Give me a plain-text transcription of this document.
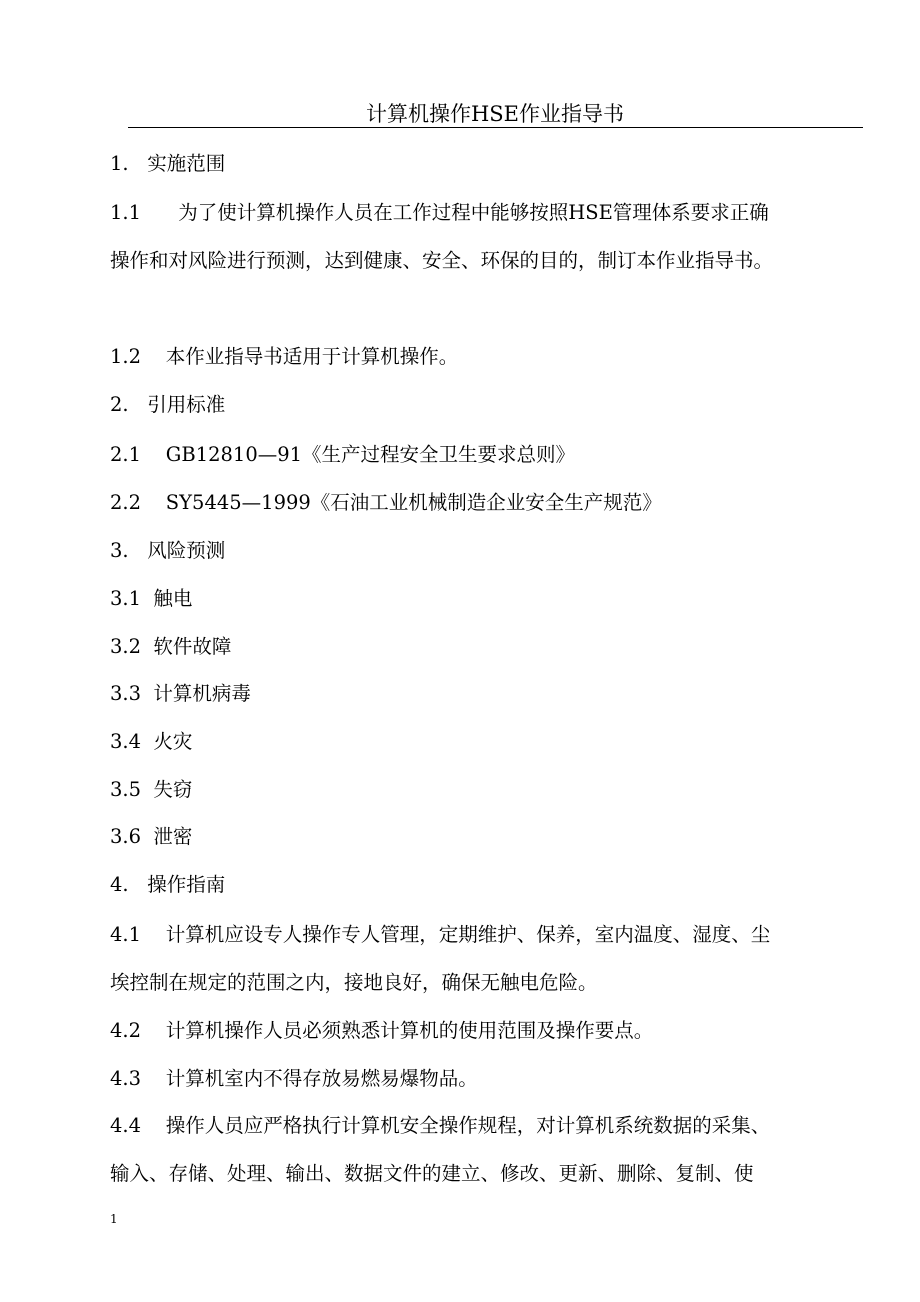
计算机操作HSE作业指导书
1.   实施范围
1.1      为了使计算机操作人员在工作过程中能够按照HSE管理体系要求正确
操作和对风险进行预测，达到健康、安全、环保的目的，制订本作业指导书。
1.2    本作业指导书适用于计算机操作。
2.   引用标准
2.1    GB12810—91《生产过程安全卫生要求总则》
2.2    SY5445—1999《石油工业机械制造企业安全生产规范》
3.   风险预测
3.1  触电
3.2  软件故障
3.3  计算机病毒
3.4  火灾
3.5  失窃
3.6  泄密
4.   操作指南
4.1    计算机应设专人操作专人管理，定期维护、保养，室内温度、湿度、尘
埃控制在规定的范围之内，接地良好，确保无触电危险。
4.2    计算机操作人员必须熟悉计算机的使用范围及操作要点。
4.3    计算机室内不得存放易燃易爆物品。
4.4    操作人员应严格执行计算机安全操作规程，对计算机系统数据的采集、
输入、存储、处理、输出、数据文件的建立、修改、更新、删除、复制、使
1
